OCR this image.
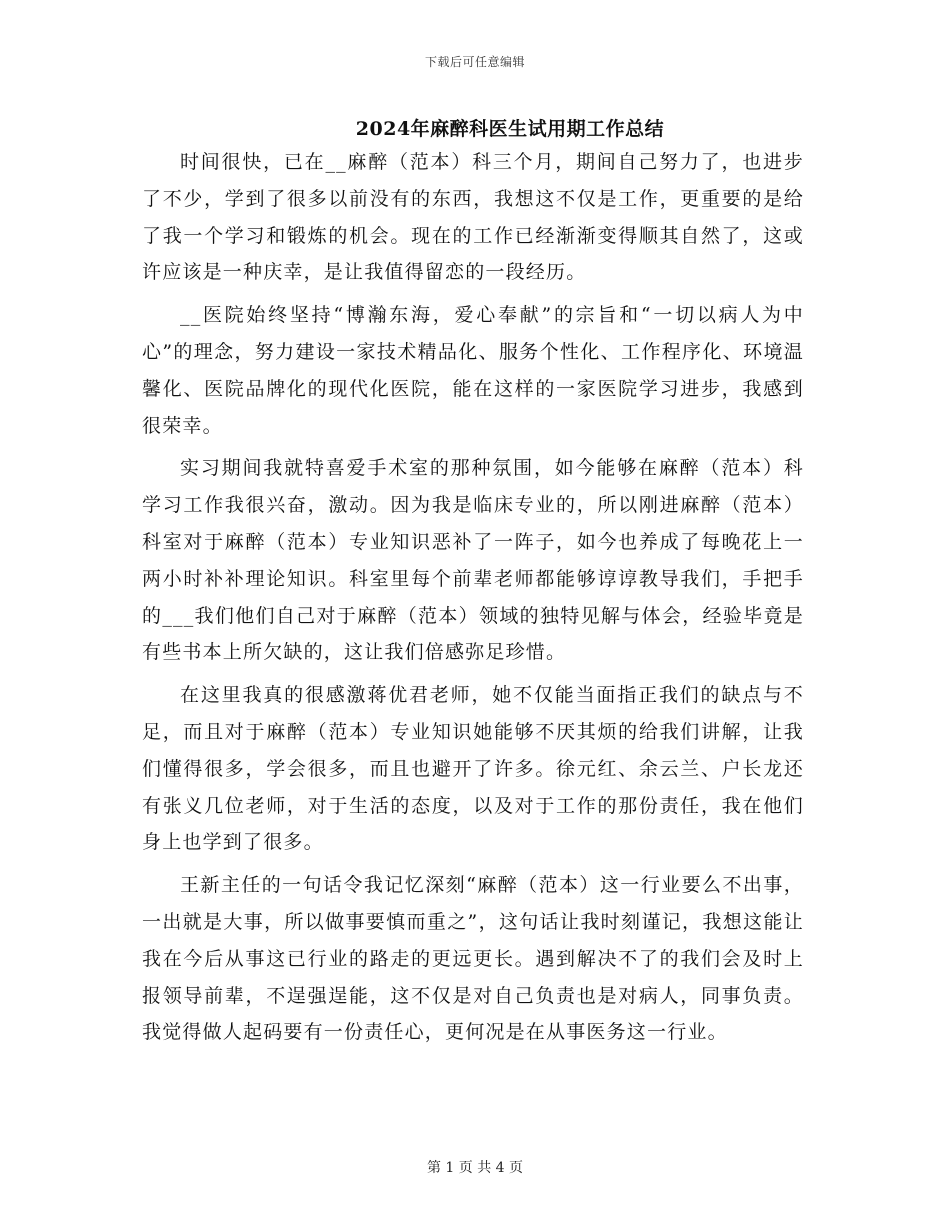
下载后可任意编辑
2024年麻醉科医生试用期工作总结

时间很快，已在__麻醉（范本）科三个月，期间自己努力了，也进步了不少，学到了很多以前没有的东西，我想这不仅是工作，更重要的是给了我一个学习和锻炼的机会。现在的工作已经渐渐变得顺其自然了，这或许应该是一种庆幸，是让我值得留恋的一段经历。

__医院始终坚持“博瀚东海，爱心奉献”的宗旨和“一切以病人为中心”的理念，努力建设一家技术精品化、服务个性化、工作程序化、环境温馨化、医院品牌化的现代化医院，能在这样的一家医院学习进步，我感到很荣幸。

实习期间我就特喜爱手术室的那种氛围，如今能够在麻醉（范本）科学习工作我很兴奋，激动。因为我是临床专业的，所以刚进麻醉（范本）科室对于麻醉（范本）专业知识恶补了一阵子，如今也养成了每晚花上一两小时补补理论知识。科室里每个前辈老师都能够谆谆教导我们，手把手的___我们他们自己对于麻醉（范本）领域的独特见解与体会，经验毕竟是有些书本上所欠缺的，这让我们倍感弥足珍惜。

在这里我真的很感激蒋优君老师，她不仅能当面指正我们的缺点与不足，而且对于麻醉（范本）专业知识她能够不厌其烦的给我们讲解，让我们懂得很多，学会很多，而且也避开了许多。徐元红、余云兰、户长龙还有张义几位老师，对于生活的态度，以及对于工作的那份责任，我在他们身上也学到了很多。

王新主任的一句话令我记忆深刻“麻醉（范本）这一行业要么不出事，一出就是大事，所以做事要慎而重之”，这句话让我时刻谨记，我想这能让我在今后从事这已行业的路走的更远更长。遇到解决不了的我们会及时上报领导前辈，不逞强逞能，这不仅是对自己负责也是对病人，同事负责。我觉得做人起码要有一份责任心，更何况是在从事医务这一行业。

第 1 页 共 4 页
